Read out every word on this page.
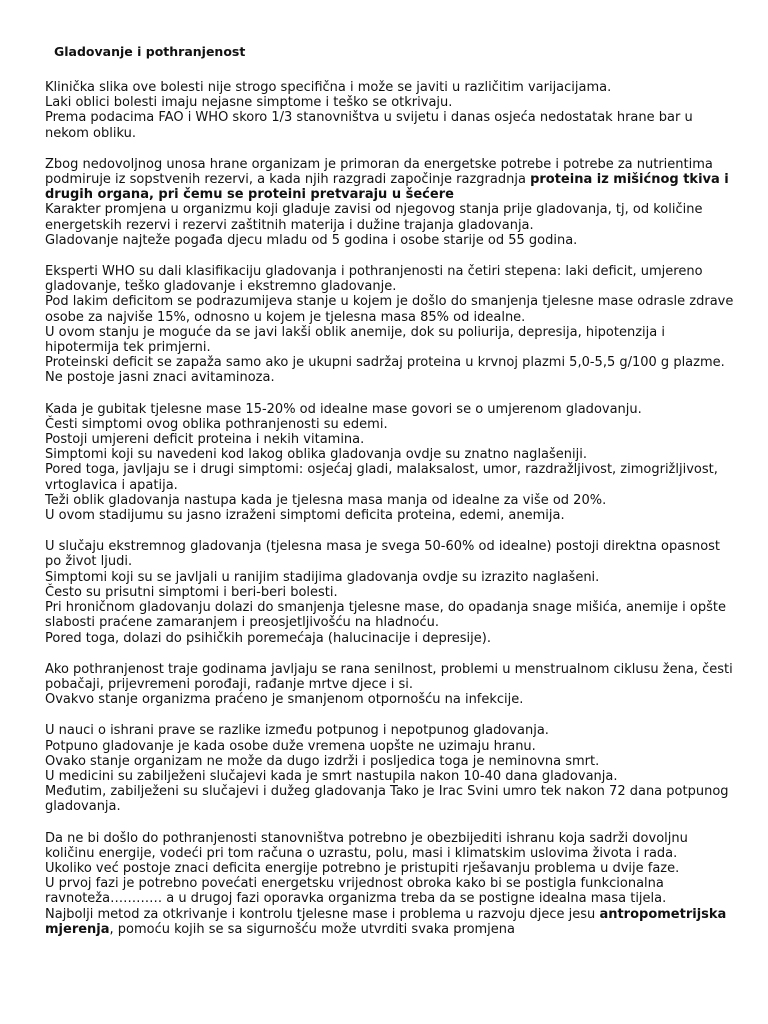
Gladovanje i pothranjenost
Klinička slika ove bolesti nije strogo specifična i može se javiti u različitim varijacijama.
Laki oblici bolesti imaju nejasne simptome i teško se otkrivaju.
Prema podacima FAO i WHO skoro 1/3 stanovništva u svijetu i danas osjeća nedostatak hrane bar u
nekom obliku.
Zbog nedovoljnog unosa hrane organizam je primoran da energetske potrebe i potrebe za nutrientima
podmiruje iz sopstvenih rezervi, a kada njih razgradi započinje razgradnja proteina iz mišićnog tkiva i
drugih organa, pri čemu se proteini pretvaraju u šećere
Karakter promjena u organizmu koji gladuje zavisi od njegovog stanja prije gladovanja, tj, od količine
energetskih rezervi i rezervi zaštitnih materija i dužine trajanja gladovanja.
Gladovanje najteže pogađa djecu mladu od 5 godina i osobe starije od 55 godina.
Eksperti WHO su dali klasifikaciju gladovanja i pothranjenosti na četiri stepena: laki deficit, umjereno
gladovanje, teško gladovanje i ekstremno gladovanje.
Pod lakim deficitom se podrazumijeva stanje u kojem je došlo do smanjenja tjelesne mase odrasle zdrave
osobe za najviše 15%, odnosno u kojem je tjelesna masa 85% od idealne.
U ovom stanju je moguće da se javi lakši oblik anemije, dok su poliurija, depresija, hipotenzija i
hipotermija tek primjerni.
Proteinski deficit se zapaža samo ako je ukupni sadržaj proteina u krvnoj plazmi 5,0-5,5 g/100 g plazme.
Ne postoje jasni znaci avitaminoza.
Kada je gubitak tjelesne mase 15-20% od idealne mase govori se o umjerenom gladovanju.
Česti simptomi ovog oblika pothranjenosti su edemi.
Postoji umjereni deficit proteina i nekih vitamina.
Simptomi koji su navedeni kod lakog oblika gladovanja ovdje su znatno naglašeniji.
Pored toga, javljaju se i drugi simptomi: osjećaj gladi, malaksalost, umor, razdražljivost, zimogrižljivost,
vrtoglavica i apatija.
Teži oblik gladovanja nastupa kada je tjelesna masa manja od idealne za više od 20%.
U ovom stadijumu su jasno izraženi simptomi deficita proteina, edemi, anemija.
U slučaju ekstremnog gladovanja (tjelesna masa je svega 50-60% od idealne) postoji direktna opasnost
po život ljudi.
Simptomi koji su se javljali u ranijim stadijima gladovanja ovdje su izrazito naglašeni.
Često su prisutni simptomi i beri-beri bolesti.
Pri hroničnom gladovanju dolazi do smanjenja tjelesne mase, do opadanja snage mišića, anemije i opšte
slabosti praćene zamaranjem i preosjetljivošću na hladnoću.
Pored toga, dolazi do psihičkih poremećaja (halucinacije i depresije).
Ako pothranjenost traje godinama javljaju se rana senilnost, problemi u menstrualnom ciklusu žena, česti
pobačaji, prijevremeni porođaji, rađanje mrtve djece i si.
Ovakvo stanje organizma praćeno je smanjenom otpornošću na infekcije.
U nauci o ishrani prave se razlike između potpunog i nepotpunog gladovanja.
Potpuno gladovanje je kada osobe duže vremena uopšte ne uzimaju hranu.
Ovako stanje organizam ne može da dugo izdrži i posljedica toga je neminovna smrt.
U medicini su zabilježeni slučajevi kada je smrt nastupila nakon 10-40 dana gladovanja.
Međutim, zabilježeni su slučajevi i dužeg gladovanja Tako je Irac Svini umro tek nakon 72 dana potpunog
gladovanja.
Da ne bi došlo do pothranjenosti stanovništva potrebno je obezbijediti ishranu koja sadrži dovoljnu
količinu energije, vodeći pri tom računa o uzrastu, polu, masi i klimatskim uslovima života i rada.
Ukoliko već postoje znaci deficita energije potrebno je pristupiti rješavanju problema u dvije faze.
U prvoj fazi je potrebno povećati energetsku vrijednost obroka kako bi se postigla funkcionalna
ravnoteža………… a u drugoj fazi oporavka organizma treba da se postigne idealna masa tijela.
Najbolji metod za otkrivanje i kontrolu tjelesne mase i problema u razvoju djece jesu antropometrijska
mjerenja, pomoću kojih se sa sigurnošću može utvrditi svaka promjena
